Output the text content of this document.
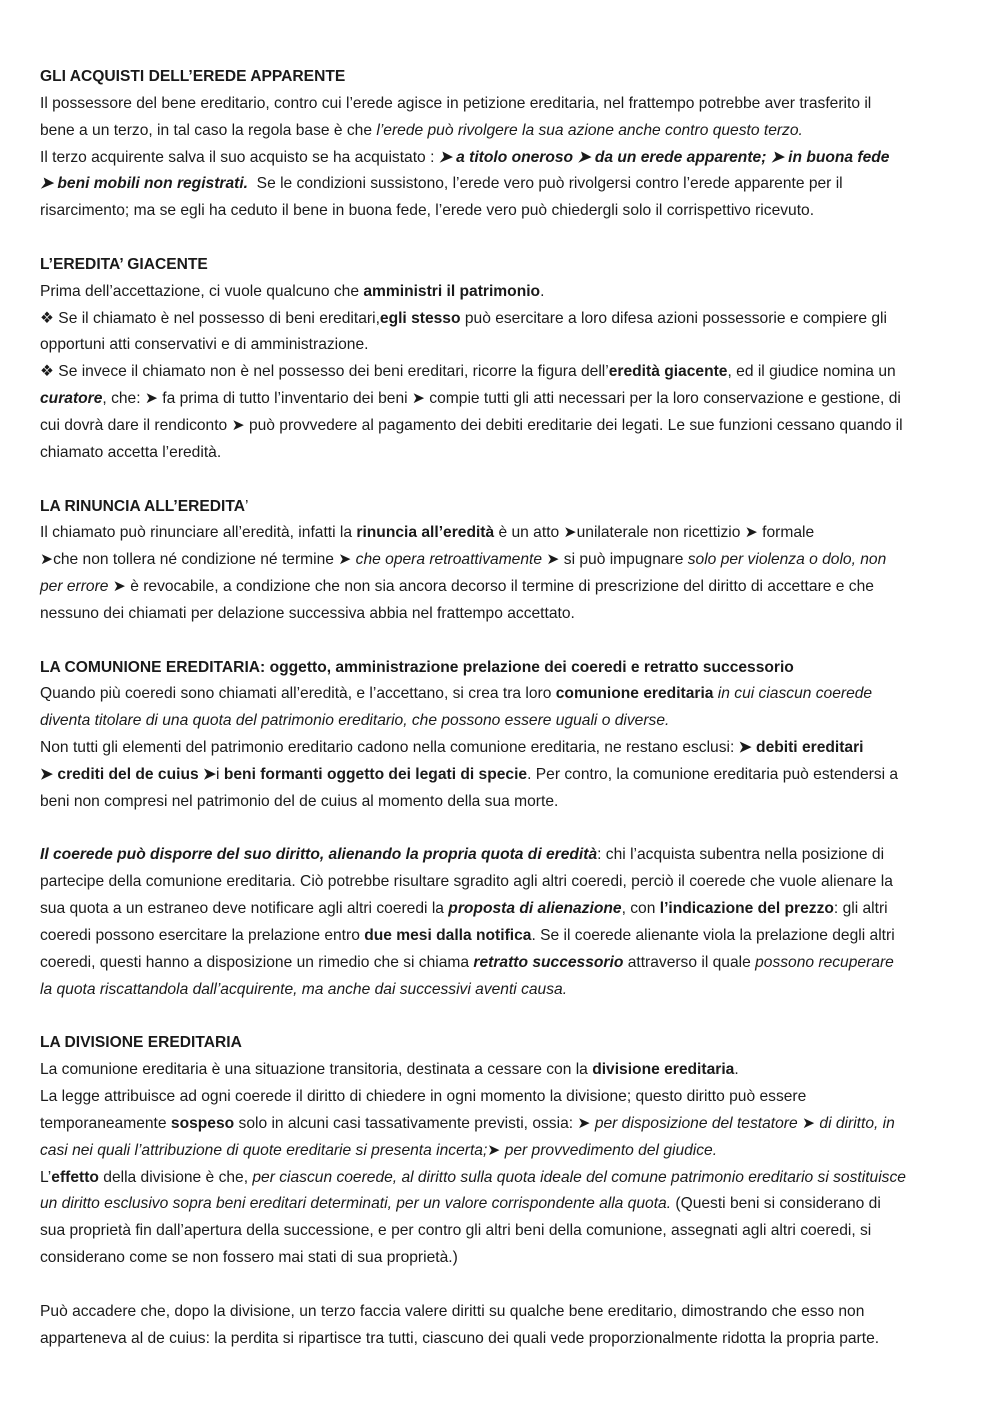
GLI ACQUISTI DELL’EREDE APPARENTE

Il possessore del bene ereditario, contro cui l’erede agisce in petizione ereditaria, nel frattempo potrebbe aver trasferito il
bene a un terzo, in tal caso la regola base è che l’erede può rivolgere la sua azione anche contro questo terzo.
Il terzo acquirente salva il suo acquisto se ha acquistato : ➤ a titolo oneroso ➤ da un erede apparente; ➤ in buona fede
➤ beni mobili non registrati.  Se le condizioni sussistono, l’erede vero può rivolgersi contro l’erede apparente per il
risarcimento; ma se egli ha ceduto il bene in buona fede, l’erede vero può chiedergli solo il corrispettivo ricevuto.

L’EREDITA’ GIACENTE

Prima dell’accettazione, ci vuole qualcuno che amministri il patrimonio.
❖ Se il chiamato è nel possesso di beni ereditari,egli stesso può esercitare a loro difesa azioni possessorie e compiere gli
opportuni atti conservativi e di amministrazione.
❖ Se invece il chiamato non è nel possesso dei beni ereditari, ricorre la figura dell’eredità giacente, ed il giudice nomina un
curatore, che: ➤ fa prima di tutto l’inventario dei beni ➤ compie tutti gli atti necessari per la loro conservazione e gestione, di
cui dovrà dare il rendiconto ➤ può provvedere al pagamento dei debiti ereditarie dei legati. Le sue funzioni cessano quando il
chiamato accetta l’eredità.

LA RINUNCIA ALL’EREDITA’

Il chiamato può rinunciare all’eredità, infatti la rinuncia all’eredità è un atto ➤unilaterale non ricettizio ➤ formale
➤che non tollera né condizione né termine ➤ che opera retroattivamente ➤ si può impugnare solo per violenza o dolo, non
per errore ➤ è revocabile, a condizione che non sia ancora decorso il termine di prescrizione del diritto di accettare e che
nessuno dei chiamati per delazione successiva abbia nel frattempo accettato.

LA COMUNIONE EREDITARIA: oggetto, amministrazione prelazione dei coeredi e retratto successorio

Quando più coeredi sono chiamati all’eredità, e l’accettano, si crea tra loro comunione ereditaria in cui ciascun coerede
diventa titolare di una quota del patrimonio ereditario, che possono essere uguali o diverse.
Non tutti gli elementi del patrimonio ereditario cadono nella comunione ereditaria, ne restano esclusi: ➤ debiti ereditari
➤ crediti del de cuius ➤i beni formanti oggetto dei legati di specie. Per contro, la comunione ereditaria può estendersi a
beni non compresi nel patrimonio del de cuius al momento della sua morte.

Il coerede può disporre del suo diritto, alienando la propria quota di eredità: chi l’acquista subentra nella posizione di
partecipe della comunione ereditaria. Ciò potrebbe risultare sgradito agli altri coeredi, perciò il coerede che vuole alienare la
sua quota a un estraneo deve notificare agli altri coeredi la proposta di alienazione, con l’indicazione del prezzo: gli altri
coeredi possono esercitare la prelazione entro due mesi dalla notifica. Se il coerede alienante viola la prelazione degli altri
coeredi, questi hanno a disposizione un rimedio che si chiama retratto successorio attraverso il quale possono recuperare
la quota riscattandola dall’acquirente, ma anche dai successivi aventi causa.

LA DIVISIONE EREDITARIA

La comunione ereditaria è una situazione transitoria, destinata a cessare con la divisione ereditaria.
La legge attribuisce ad ogni coerede il diritto di chiedere in ogni momento la divisione; questo diritto può essere
temporaneamente sospeso solo in alcuni casi tassativamente previsti, ossia: ➤ per disposizione del testatore ➤ di diritto, in
casi nei quali l’attribuzione di quote ereditarie si presenta incerta;➤ per provvedimento del giudice.
L’effetto della divisione è che, per ciascun coerede, al diritto sulla quota ideale del comune patrimonio ereditario si sostituisce
un diritto esclusivo sopra beni ereditari determinati, per un valore corrispondente alla quota. (Questi beni si considerano di
sua proprietà fin dall’apertura della successione, e per contro gli altri beni della comunione, assegnati agli altri coeredi, si
considerano come se non fossero mai stati di sua proprietà.)

Può accadere che, dopo la divisione, un terzo faccia valere diritti su qualche bene ereditario, dimostrando che esso non
apparteneva al de cuius: la perdita si ripartisce tra tutti, ciascuno dei quali vede proporzionalmente ridotta la propria parte.
